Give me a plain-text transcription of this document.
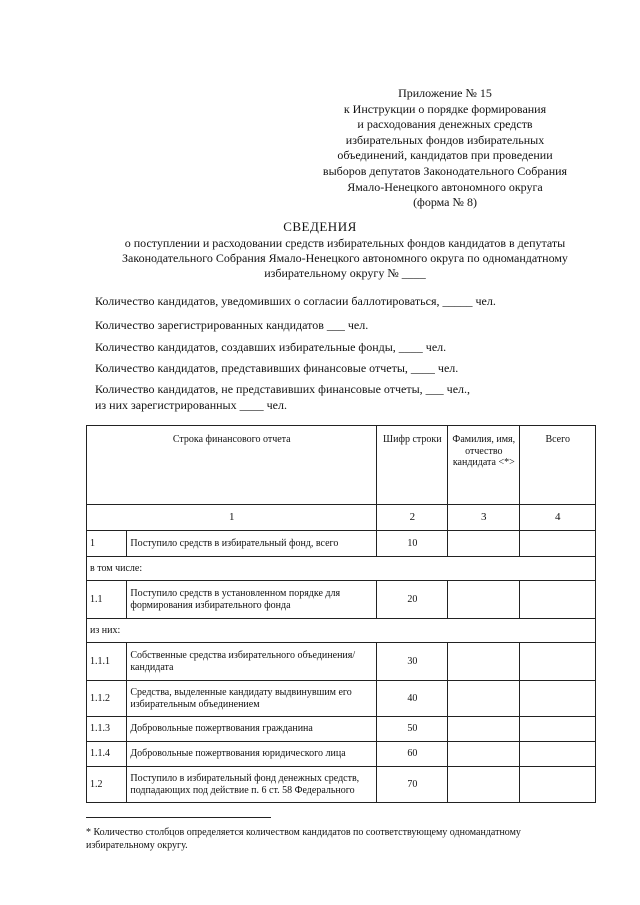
Приложение № 15
к Инструкции о порядке формирования
и расходования денежных средств
избирательных фондов избирательных
объединений, кандидатов при проведении
выборов депутатов Законодательного Собрания
Ямало-Ненецкого автономного округа
(форма № 8)
СВЕДЕНИЯ
о поступлении и расходовании средств избирательных фондов кандидатов в депутаты
Законодательного Собрания Ямало-Ненецкого автономного округа по одномандатному
избирательному округу № ____
Количество кандидатов, уведомивших о согласии баллотироваться, _____ чел.
Количество зарегистрированных кандидатов ___ чел.
Количество кандидатов, создавших избирательные фонды, ____ чел.
Количество кандидатов, представивших финансовые отчеты, ____ чел.
Количество кандидатов, не представивших финансовые отчеты, ___ чел.,
из них зарегистрированных ____ чел.
Строка финансового отчета		Шифр строки	Фамилия, имя, отчество кандидата <*>	Всего
1		2	3	4
1	Поступило средств в избирательный фонд, всего	10		
в том числе:				
1.1	Поступило средств в установленном порядке для формирования избирательного фонда	20		
из них:				
1.1.1	Собственные средства избирательного объединения/кандидата	30		
1.1.2	Средства, выделенные кандидату выдвинувшим его избирательным объединением	40		
1.1.3	Добровольные пожертвования гражданина	50		
1.1.4	Добровольные пожертвования юридического лица	60		
1.2	Поступило в избирательный фонд денежных средств, подпадающих под действие п. 6 ст. 58 Федерального	70		
* Количество столбцов определяется количеством кандидатов по соответствующему одномандатному
избирательному округу.
